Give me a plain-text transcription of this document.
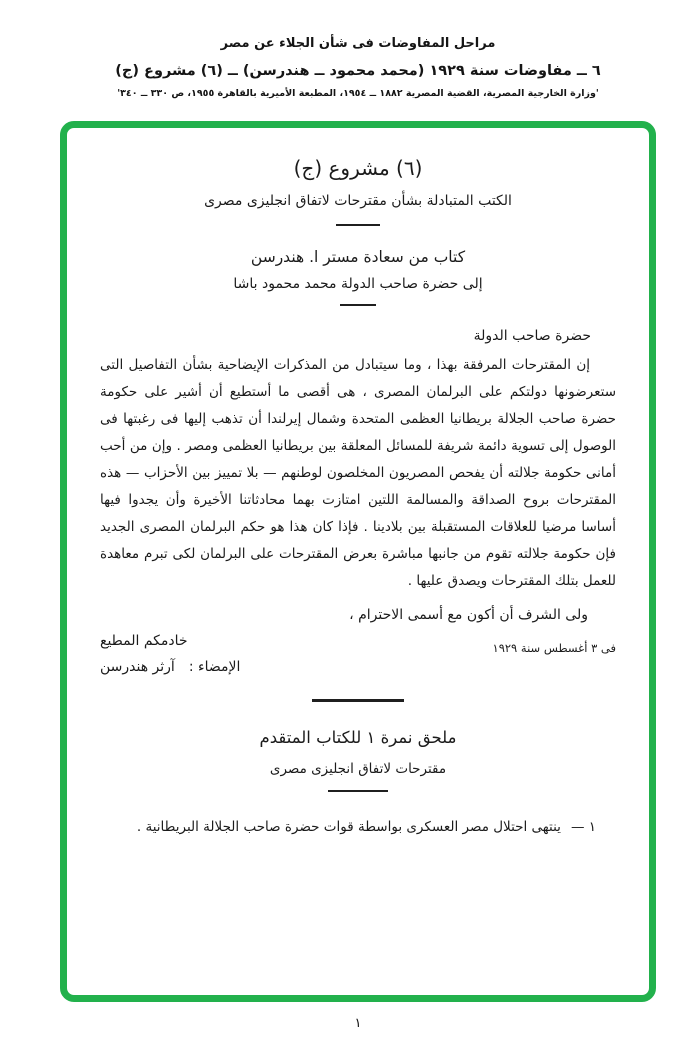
مراحل المفاوضات فى شأن الجلاء عن مصر
٦ ــ مفاوضات سنة ١٩٢٩ (محمد محمود ــ هندرسن) ــ (٦) مشروع (ج)
'وزارة الخارجية المصرية، القضية المصرية ١٨٨٢ ــ ١٩٥٤، المطبعة الأميرية بالقاهرة ١٩٥٥، ص ٣٣٠ ــ ٣٤٠'
(٦) مشروع (ج)
الكتب المتبادلة بشأن مقترحات لاتفاق انجليزى مصرى
كتاب من سعادة مستر ا. هندرسن
إلى حضرة صاحب الدولة محمد محمود باشا
حضرة صاحب الدولة

إن المقترحات المرفقة بهذا ، وما سيتبادل من المذكرات الإيضاحية بشأن التفاصيل التى ستعرضونها دولتكم على البرلمان المصرى ، هى أقصى ما أستطيع أن أشير على حكومة حضرة صاحب الجلالة بريطانيا العظمى المتحدة وشمال إيرلندا أن تذهب إليها فى رغبتها فى الوصول إلى تسوية دائمة شريفة للمسائل المعلقة بين بريطانيا العظمى ومصر . وإن من أحب أمانى حكومة جلالته أن يفحص المصريون المخلصون لوطنهم — بلا تمييز بين الأحزاب — هذه المقترحات بروح الصداقة والمسالمة اللتين امتازت بهما محادثاتنا الأخيرة وأن يجدوا فيها أساسا مرضيا للعلاقات المستقبلة بين بلادينا . فإذا كان هذا هو حكم البرلمان المصرى الجديد فإن حكومة جلالته تقوم من جانبها مباشرة بعرض المقترحات على البرلمان لكى تبرم معاهدة للعمل بتلك المقترحات ويصدق عليها .

ولى الشرف أن أكون مع أسمى الاحترام ،
فى ٣ أغسطس سنة ١٩٢٩
خادمكم المطيع
الإمضاء :آرثر هندرسن
ملحق نمرة ١ للكتاب المتقدم
مقترحات لاتفاق انجليزى مصرى
١ —ينتهى احتلال مصر العسكرى بواسطة قوات حضرة صاحب الجلالة البريطانية .
١
